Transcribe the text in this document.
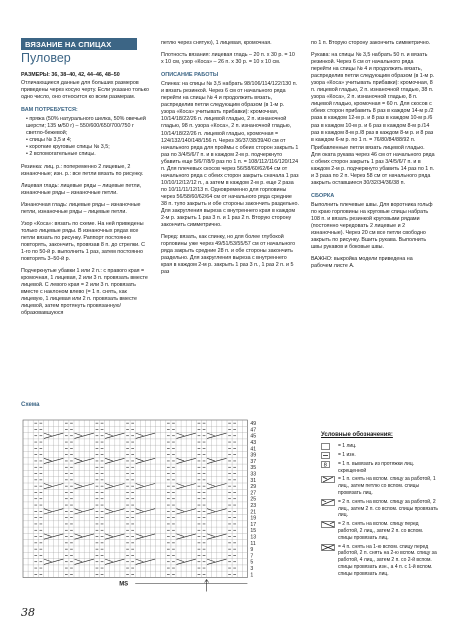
ВЯЗАНИЕ НА СПИЦАХ
Пуловер
РАЗМЕРЫ: 36, 38–40, 42, 44–46, 48–50
Отличающиеся данные для больших размеров приведены через косую черту. Если указано только одно число, оно относится ко всем размерам.
ВАМ ПОТРЕБУЕТСЯ:
• пряжа (50% натурального шелка, 50% овечьей шерсти; 135 м/50 г) – 550/600/650/700/750 г светло-бежевой;
• спицы № 3,5 и 4;
• короткие круговые спицы № 3,5;
• 2 вспомогательные спицы.
Резинка: лиц. р.: попеременно 2 лицевые, 2 изнаночные; изн. р.: все петли вязать по рисунку.
Лицевая гладь: лицевые ряды – лицевые петли, изнаночные ряды – изнаночные петли.
Изнаночная гладь: лицевые ряды – изнаночные петли, изнаночные ряды – лицевые петли.
Узор «Коса»: вязать по схеме. На ней приведены только лицевые ряды. В изнаночных рядах все петли вязать по рисунку. Раппорт постоянно повторять, закончить, провязав 8 п. до стрелки. С 1-го по 50-й р. выполнить 1 раз, затем постоянно повторять 3–50-й р.
Подчеркнутые убавки 1 или 2 п.: с правого края = кромочная, 1 лицевая, 2 или 3 п. провязать вместе лицевой. С левого края = 2 или 3 п. провязать вместе с наклоном влево (= 1 п. снять, как лицевую, 1 лицевая или 2 п. провязать вместе лицевой, затем протянуть провязанную/образовавшуюся
петлю через снятую), 1 лицевая, кромочная.
Плотность вязания: лицевая гладь – 20 п. х 30 р. = 10 х 10 см, узор «Коса» – 26 п. х 30 р. = 10 х 10 см.
ОПИСАНИЕ РАБОТЫ
Спинка: на спицы № 3,5 набрать 98/106/114/122/130 п. и вязать резинкой. Через 6 см от начального ряда перейти на спицы № 4 и продолжить вязать, распределив петли следующим образом (в 1-м р. узора «Коса» учитывать прибавки): кромочная, 10/14/18/22/26 п. лицевой гладью, 2 п. изнаночной гладью, 98 п. узора «Коса», 2 п. изнаночной гладью, 10/14/18/22/26 п. лицевой гладью, кромочная = 124/132/140/148/156 п. Через 36/37/38/39/40 см от начального ряда для проймы с обеих сторон закрыть 1 раз по 3/4/5/6/7 п. и в каждом 2-м р. подчеркнуто убавить еще 5/6/7/8/9 раз по 1 п. = 108/112/116/120/124 п. Для плечевых скосов через 56/58/60/62/64 см от начального ряда с обеих сторон закрыть сначала 1 раз 10/10/12/12/12 п., а затем в каждом 2-м р. еще 2 раза по 10/11/11/12/13 п. Одновременно для горловины через 56/58/60/62/64 см от начального ряда средние 38 п. тупо закрыть и обе стороны закончить раздельно. Для закругления выреза с внутреннего края в каждом 2-м р. закрыть 1 раз 3 п. и 1 раз 2 п. Вторую сторону закончить симметрично.
Перед: вязать, как спинку, но для более глубокой горловины уже через 49/51/53/55/57 см от начального ряда закрыть средние 28 п. и обе стороны закончить раздельно. Для закругления выреза с внутреннего края в каждом 2-м р. закрыть 1 раз 3 п., 1 раз 2 п. и 5 раз
по 1 п. Вторую сторону закончить симметрично.
Рукава: на спицы № 3,5 набрать 50 п. и вязать резинкой. Через 6 см от начального ряда перейти на спицы № 4 и продолжить вязать, распределив петли следующим образом (в 1-м р. узора «Коса» учитывать прибавки): кромочная, 8 п. лицевой гладью, 2 п. изнаночной гладью, 38 п. узора «Коса», 2 п. изнаночной гладью, 8 п. лицевой гладью, кромочная = 60 п. Для скосов с обеих сторон прибавить 8 раз в каждом 14-м р./2 раза в каждом 12-м р. и 8 раз в каждом 10-м р./6 раз в каждом 10-м р. и 6 раз в каждом 8-м р./14 раз в каждом 8-м р./8 раз в каждом 8-м р. и 8 раз в каждом 6-м р. по 1 п. = 76/80/84/88/92 п.
Прибавленные петли вязать лицевой гладью. Для оката рукава через 46 см от начального ряда с обеих сторон закрыть 1 раз 3/4/5/6/7 п. и в каждом 2-м р. подчеркнуто убавить 14 раз по 1 п. и 3 раза по 2 п. Через 58 см от начального ряда закрыть оставшиеся 30/32/34/36/38 п.
СБОРКА
Выполнить плечевые швы. Для воротника гольф по краю горловины на круговые спицы набрать 108 п. и вязать резинкой круговыми рядами (постоянно чередовать 2 лицевые и 2 изнаночные). Через 20 см все петли свободно закрыть по рисунку. Вшить рукава. Выполнить швы рукавов и боковые швы.
ВАЖНО: выкройка модели приведена на рабочем листе А.
Схема
49
47
45
43
41
39
37
35
33
31
29
27
25
23
21
19
17
15
13
11
9
7
5
3
1
MS
Условные обозначения:
= 1 лиц.
= 1 изн.
8 = 1 п. вывязать из протяжки лиц. скрещенной
= 1 п. снять на вспом. спицу за работой, 1 лиц., затем петлю со вспом. спицы провязать лиц.
= 2 п. снять на вспом. спицу за работой, 2 лиц., затем 2 п. со вспом. спицы провязать лиц.
= 2 п. снять на вспом. спицу перед работой, 2 лиц., затем 2 п. со вспом. спицы провязать лиц.
= 4 п. снять на 1-ю вспом. спицу перед работой, 2 п. снять на 2-ю вспом. спицу за работой, 4 лиц., затем 2 п. со 2-й вспом. спицы провязать изн., а 4 п. с 1-й вспом. спицы провязать лиц.
38
